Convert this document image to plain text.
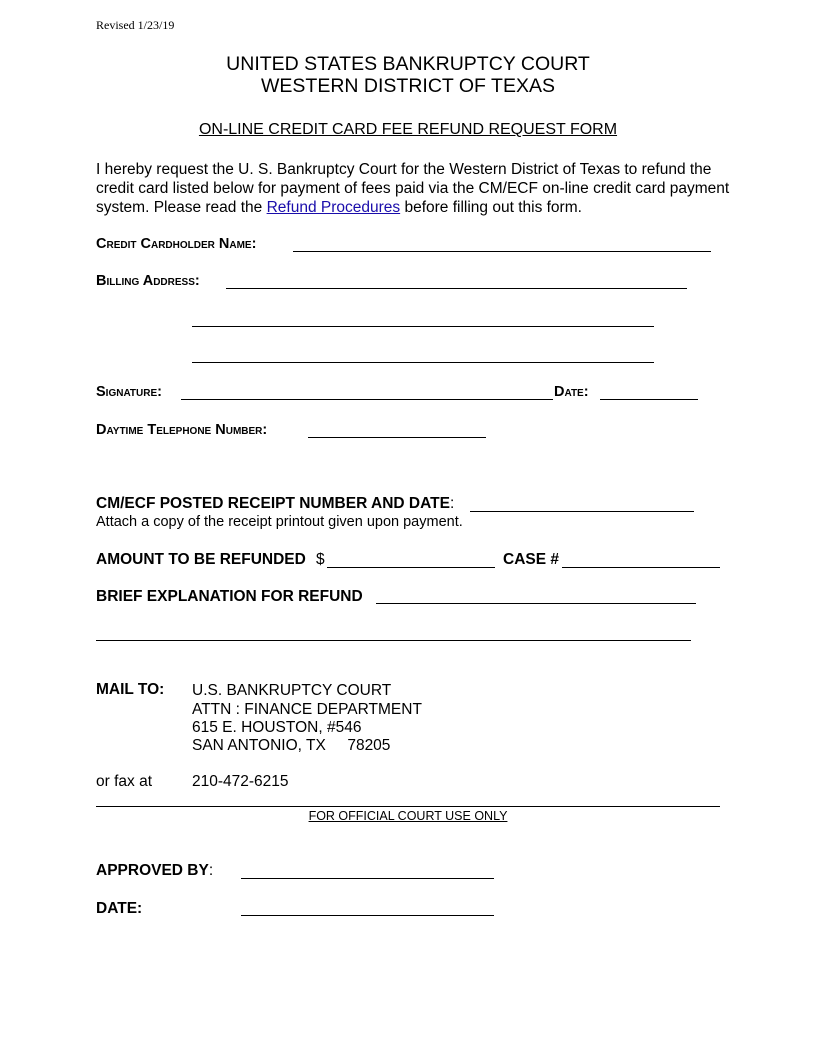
Revised 1/23/19
UNITED STATES BANKRUPTCY COURT
WESTERN DISTRICT OF TEXAS
ON-LINE CREDIT CARD FEE REFUND REQUEST FORM
I hereby request the U. S. Bankruptcy Court for the Western District of Texas to refund the credit card listed below for payment of fees paid via the CM/ECF on-line credit card payment system. Please read the Refund Procedures before filling out this form.
Credit Cardholder Name:
Billing Address:
Signature:	Date:
Daytime Telephone Number:
CM/ECF POSTED RECEIPT NUMBER AND DATE:
Attach a copy of the receipt printout given upon payment.
AMOUNT TO BE REFUNDED $	CASE #
BRIEF EXPLANATION FOR REFUND
MAIL TO: U.S. BANKRUPTCY COURT
ATTN : FINANCE DEPARTMENT
615 E. HOUSTON, #546
SAN ANTONIO, TX     78205
or fax at	210-472-6215
FOR OFFICIAL COURT USE ONLY
APPROVED BY:
DATE:
